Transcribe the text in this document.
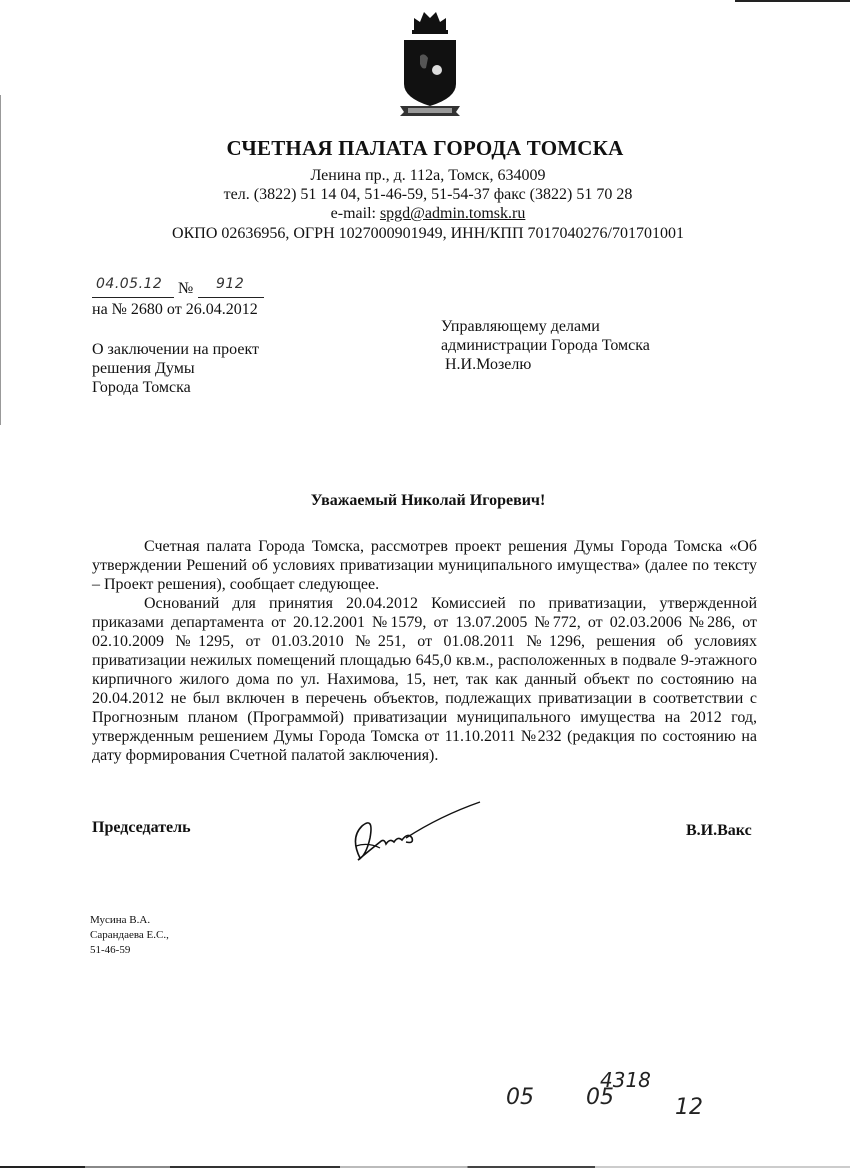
СЧЕТНАЯ ПАЛАТА ГОРОДА ТОМСКА
Ленина пр., д. 112а, Томск, 634009
тел. (3822) 51 14 04, 51-46-59, 51-54-37 факс (3822) 51 70 28
e-mail: spgd@admin.tomsk.ru
ОКПО 02636956, ОГРН 1027000901949, ИНН/КПП 7017040276/701701001
04.05.12 № 912
на № 2680 от 26.04.2012
О заключении на проект
решения Думы
Города Томска
Управляющему делами
администрации Города Томска
Н.И.Мозелю
Уважаемый Николай Игоревич!

Счетная палата Города Томска, рассмотрев проект решения Думы Города Томска «Об утверждении Решений об условиях приватизации муниципального имущества» (далее по тексту – Проект решения), сообщает следующее.

Оснований для принятия 20.04.2012 Комиссией по приватизации, утвержденной приказами департамента от 20.12.2001 №1579, от 13.07.2005 №772, от 02.03.2006 №286, от 02.10.2009 №1295, от 01.03.2010 №251, от 01.08.2011 №1296, решения об условиях приватизации нежилых помещений площадью 645,0 кв.м., расположенных в подвале 9-этажного кирпичного жилого дома по ул. Нахимова, 15, нет, так как данный объект по состоянию на 20.04.2012 не был включен в перечень объектов, подлежащих приватизации в соответствии с Прогнозным планом (Программой) приватизации муниципального имущества на 2012 год, утвержденным решением Думы Города Томска от 11.10.2011 №232 (редакция по состоянию на дату формирования Счетной палатой заключения).

Председатель	В.И.Вакс
Мусина В.А.
Сарандаева Е.С.,
51-46-59
05
4318
05	12
